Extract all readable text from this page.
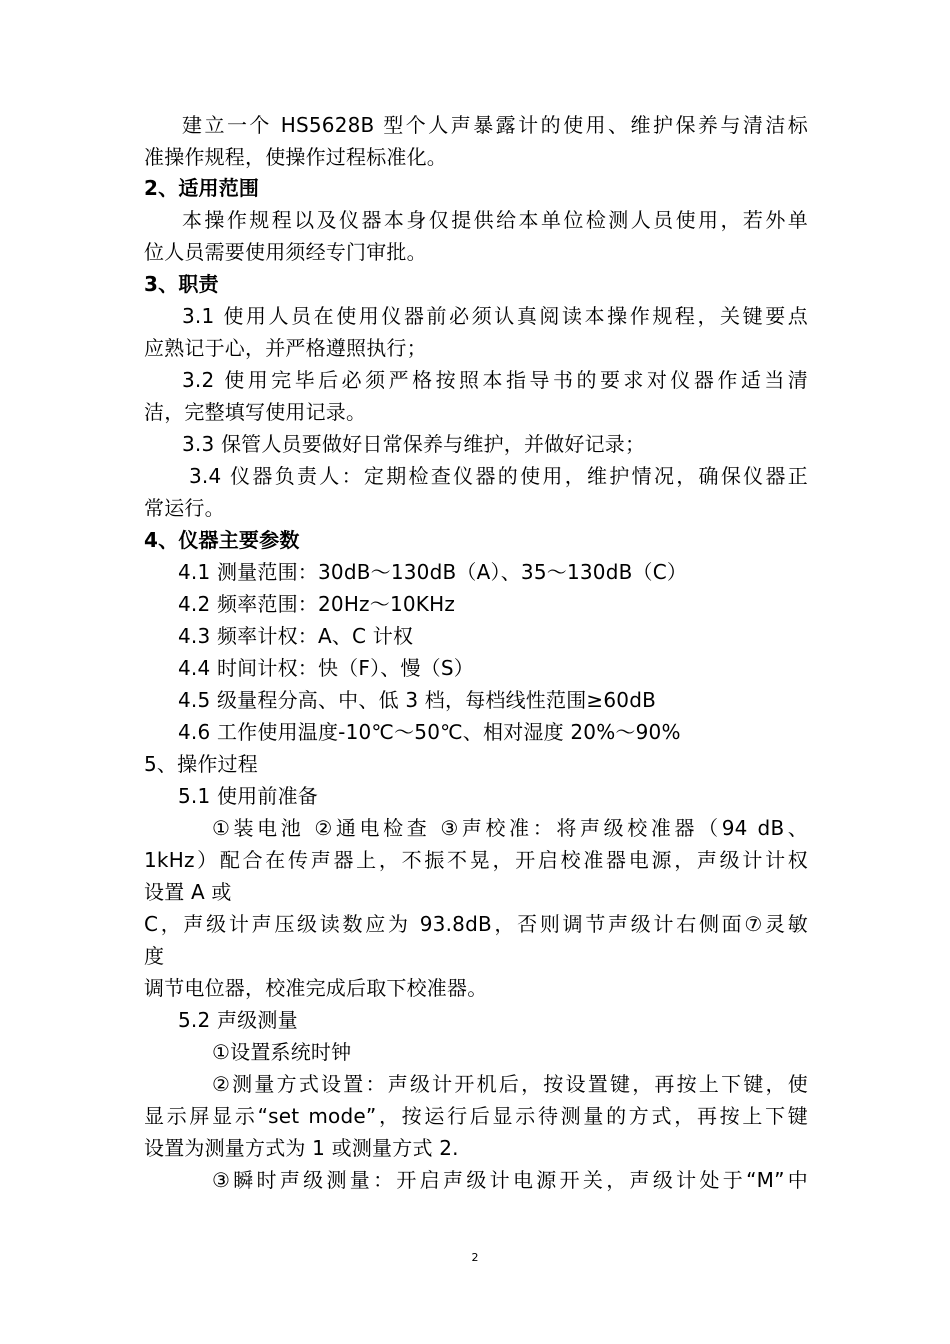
建立一个 HS5628B 型个人声暴露计的使用、维护保养与清洁标
准操作规程，使操作过程标准化。
2、适用范围
本操作规程以及仪器本身仅提供给本单位检测人员使用，若外单
位人员需要使用须经专门审批。
3、职责
3.1 使用人员在使用仪器前必须认真阅读本操作规程，关键要点
应熟记于心，并严格遵照执行；
3.2 使用完毕后必须严格按照本指导书的要求对仪器作适当清
洁，完整填写使用记录。
3.3 保管人员要做好日常保养与维护，并做好记录；
3.4 仪器负责人：定期检查仪器的使用，维护情况，确保仪器正
常运行。
4、仪器主要参数
4.1 测量范围：30dB～130dB（A）、35～130dB（C）
4.2 频率范围：20Hz～10KHz
4.3 频率计权：A、C 计权
4.4 时间计权：快（F）、慢（S）
4.5 级量程分高、中、低 3 档，每档线性范围≥60dB
4.6 工作使用温度-10℃～50℃、相对湿度 20%～90%
5、操作过程
5.1 使用前准备
①装电池 ②通电检查 ③声校准：将声级校准器（94 dB、
1kHz）配合在传声器上，不振不晃，开启校准器电源，声级计计权
设置 A 或
C，声级计声压级读数应为 93.8dB，否则调节声级计右侧面⑦灵敏
度
调节电位器，校准完成后取下校准器。
5.2 声级测量
①设置系统时钟
②测量方式设置：声级计开机后，按设置键，再按上下键，使
显示屏显示“set mode”，按运行后显示待测量的方式，再按上下键
设置为测量方式为 1 或测量方式 2.
③瞬时声级测量：开启声级计电源开关，声级计处于“M”中
2
